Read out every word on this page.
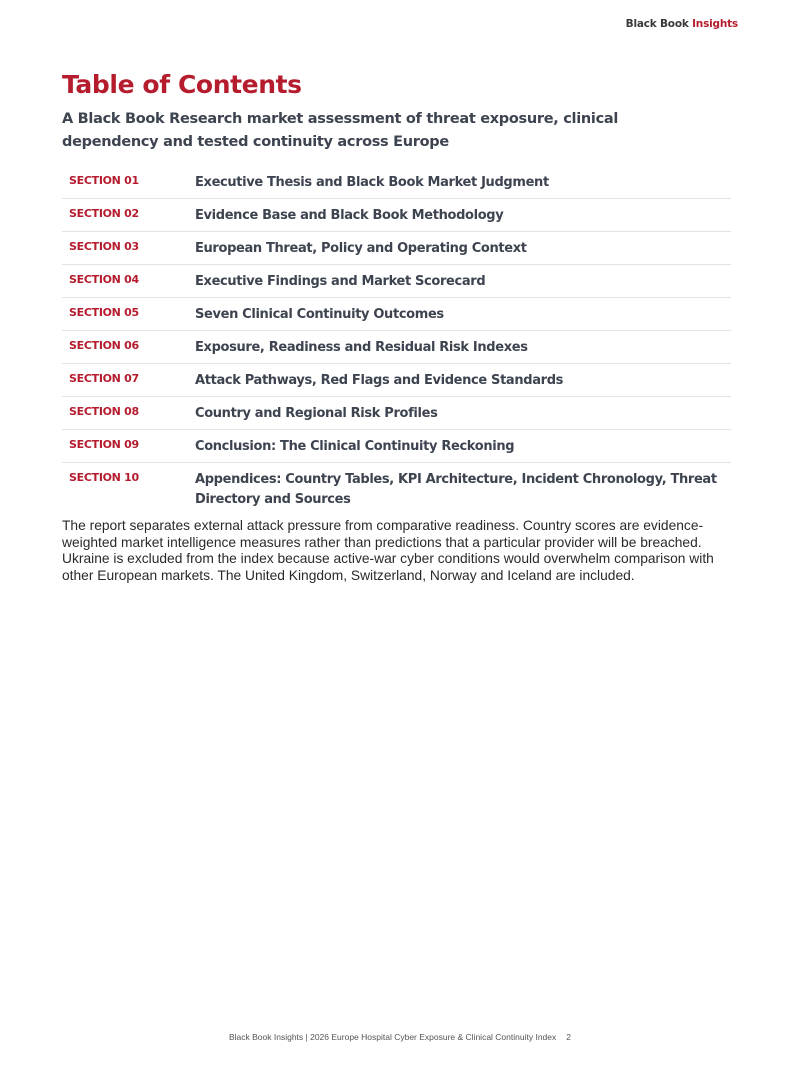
Black Book Insights
Table of Contents

A Black Book Research market assessment of threat exposure, clinical dependency and tested continuity across Europe

SECTION 01	Executive Thesis and Black Book Market Judgment
SECTION 02	Evidence Base and Black Book Methodology
SECTION 03	European Threat, Policy and Operating Context
SECTION 04	Executive Findings and Market Scorecard
SECTION 05	Seven Clinical Continuity Outcomes
SECTION 06	Exposure, Readiness and Residual Risk Indexes
SECTION 07	Attack Pathways, Red Flags and Evidence Standards
SECTION 08	Country and Regional Risk Profiles
SECTION 09	Conclusion: The Clinical Continuity Reckoning
SECTION 10	Appendices: Country Tables, KPI Architecture, Incident Chronology, Threat Directory and Sources

The report separates external attack pressure from comparative readiness. Country scores are evidence-weighted market intelligence measures rather than predictions that a particular provider will be breached. Ukraine is excluded from the index because active-war cyber conditions would overwhelm comparison with other European markets. The United Kingdom, Switzerland, Norway and Iceland are included.

Black Book Insights | 2026 Europe Hospital Cyber Exposure & Clinical Continuity Index 2
